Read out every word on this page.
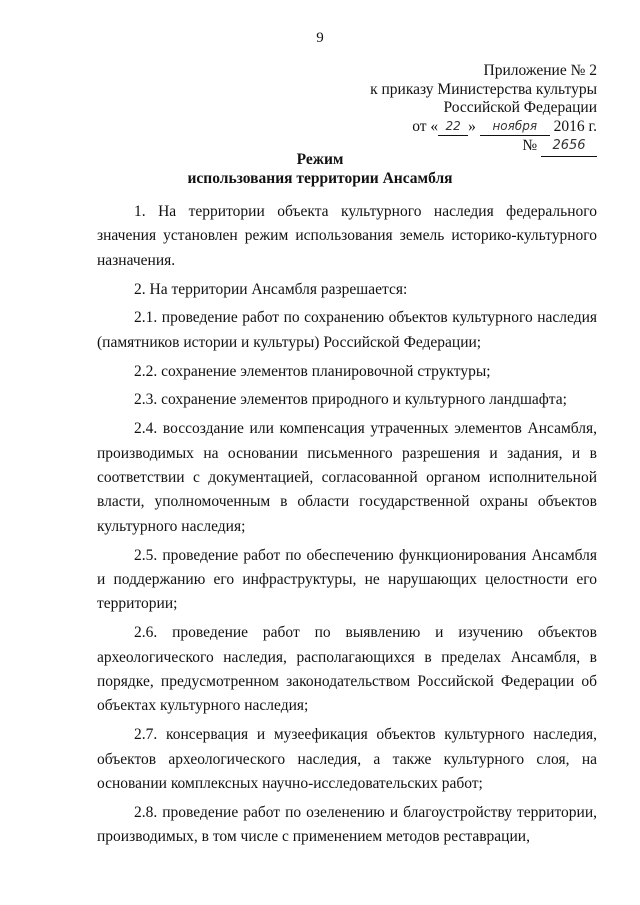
9
Приложение № 2
к приказу Министерства культуры
Российской Федерации
от « 22 » ноября 2016 г.
№ 2656
Режим
использования территории Ансамбля

1. На территории объекта культурного наследия федерального значения установлен режим использования земель историко-культурного назначения.

2. На территории Ансамбля разрешается:

2.1. проведение работ по сохранению объектов культурного наследия (памятников истории и культуры) Российской Федерации;

2.2. сохранение элементов планировочной структуры;

2.3. сохранение элементов природного и культурного ландшафта;

2.4. воссоздание или компенсация утраченных элементов Ансамбля, производимых на основании письменного разрешения и задания, и в соответствии с документацией, согласованной органом исполнительной власти, уполномоченным в области государственной охраны объектов культурного наследия;

2.5. проведение работ по обеспечению функционирования Ансамбля и поддержанию его инфраструктуры, не нарушающих целостности его территории;

2.6. проведение работ по выявлению и изучению объектов археологического наследия, располагающихся в пределах Ансамбля, в порядке, предусмотренном законодательством Российской Федерации об объектах культурного наследия;

2.7. консервация и музеефикация объектов культурного наследия, объектов археологического наследия, а также культурного слоя, на основании комплексных научно-исследовательских работ;

2.8. проведение работ по озеленению и благоустройству территории, производимых, в том числе с применением методов реставрации,
